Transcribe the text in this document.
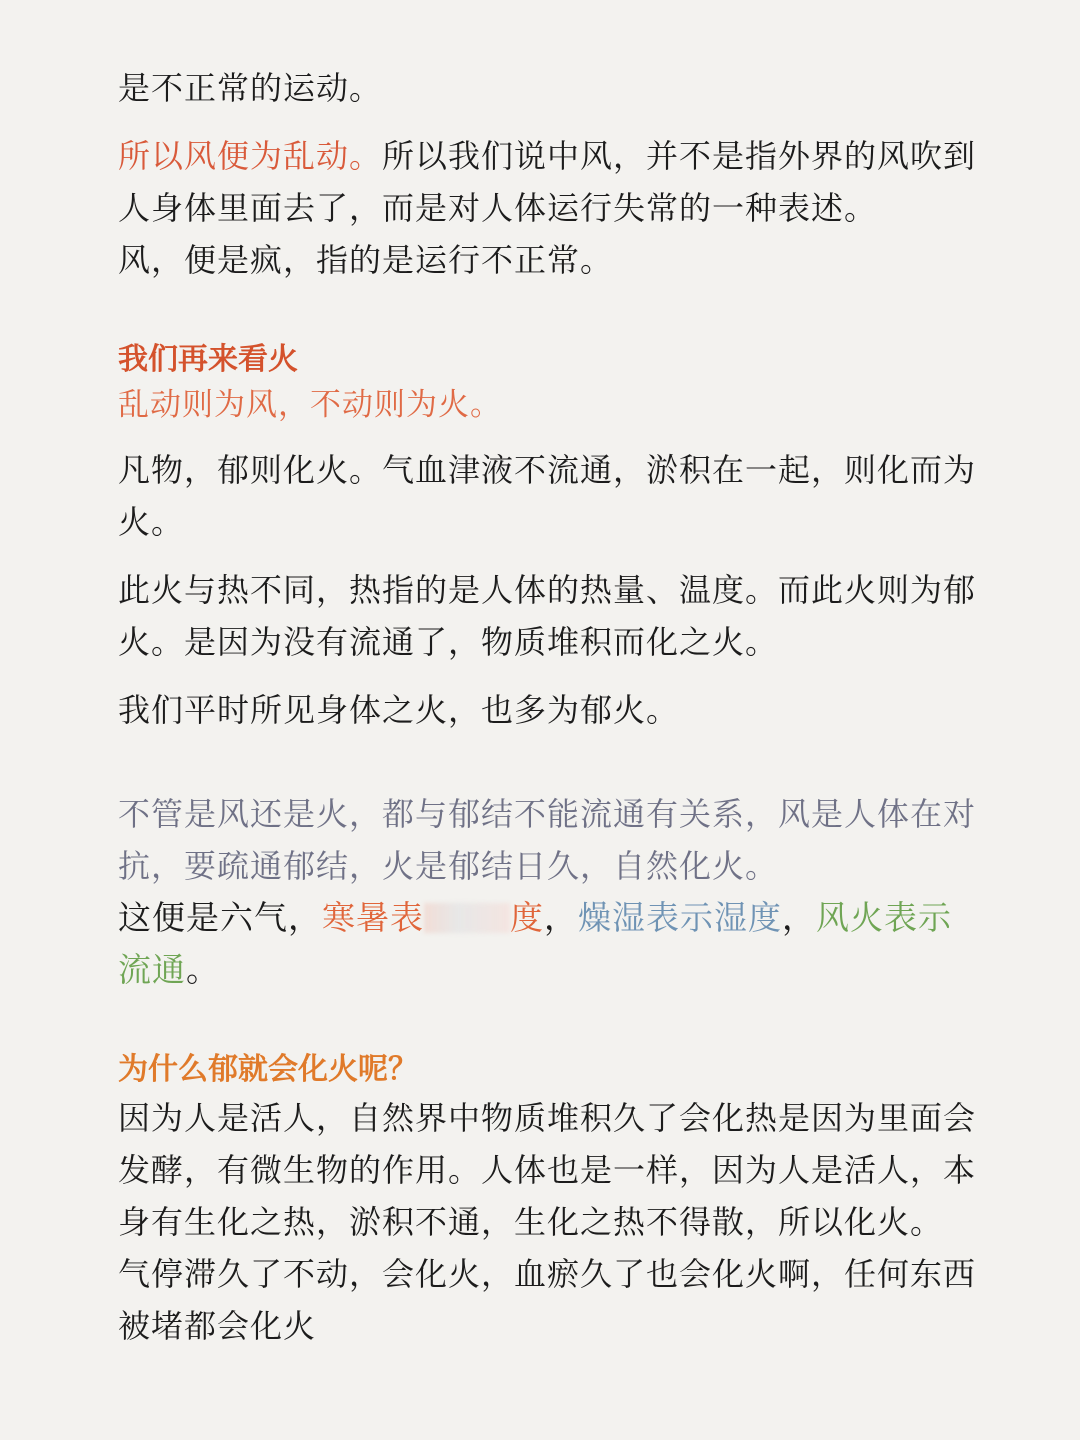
是不正常的运动。

所以风便为乱动。所以我们说中风，并不是指外界的风吹到人身体里面去了，而是对人体运行失常的一种表述。

风，便是疯，指的是运行不正常。

我们再来看火

乱动则为风，不动则为火。

凡物，郁则化火。气血津液不流通，淤积在一起，则化而为火。

此火与热不同，热指的是人体的热量、温度。而此火则为郁火。是因为没有流通了，物质堆积而化之火。

我们平时所见身体之火，也多为郁火。

不管是风还是火，都与郁结不能流通有关系，风是人体在对抗，要疏通郁结，火是郁结日久，自然化火。

这便是六气，寒暑表	度，燥湿表示湿度，风火表示流通。

为什么郁就会化火呢？

因为人是活人，自然界中物质堆积久了会化热是因为里面会发酵，有微生物的作用。人体也是一样，因为人是活人，本身有生化之热，淤积不通，生化之热不得散，所以化火。

气停滞久了不动，会化火，血瘀久了也会化火啊，任何东西被堵都会化火
